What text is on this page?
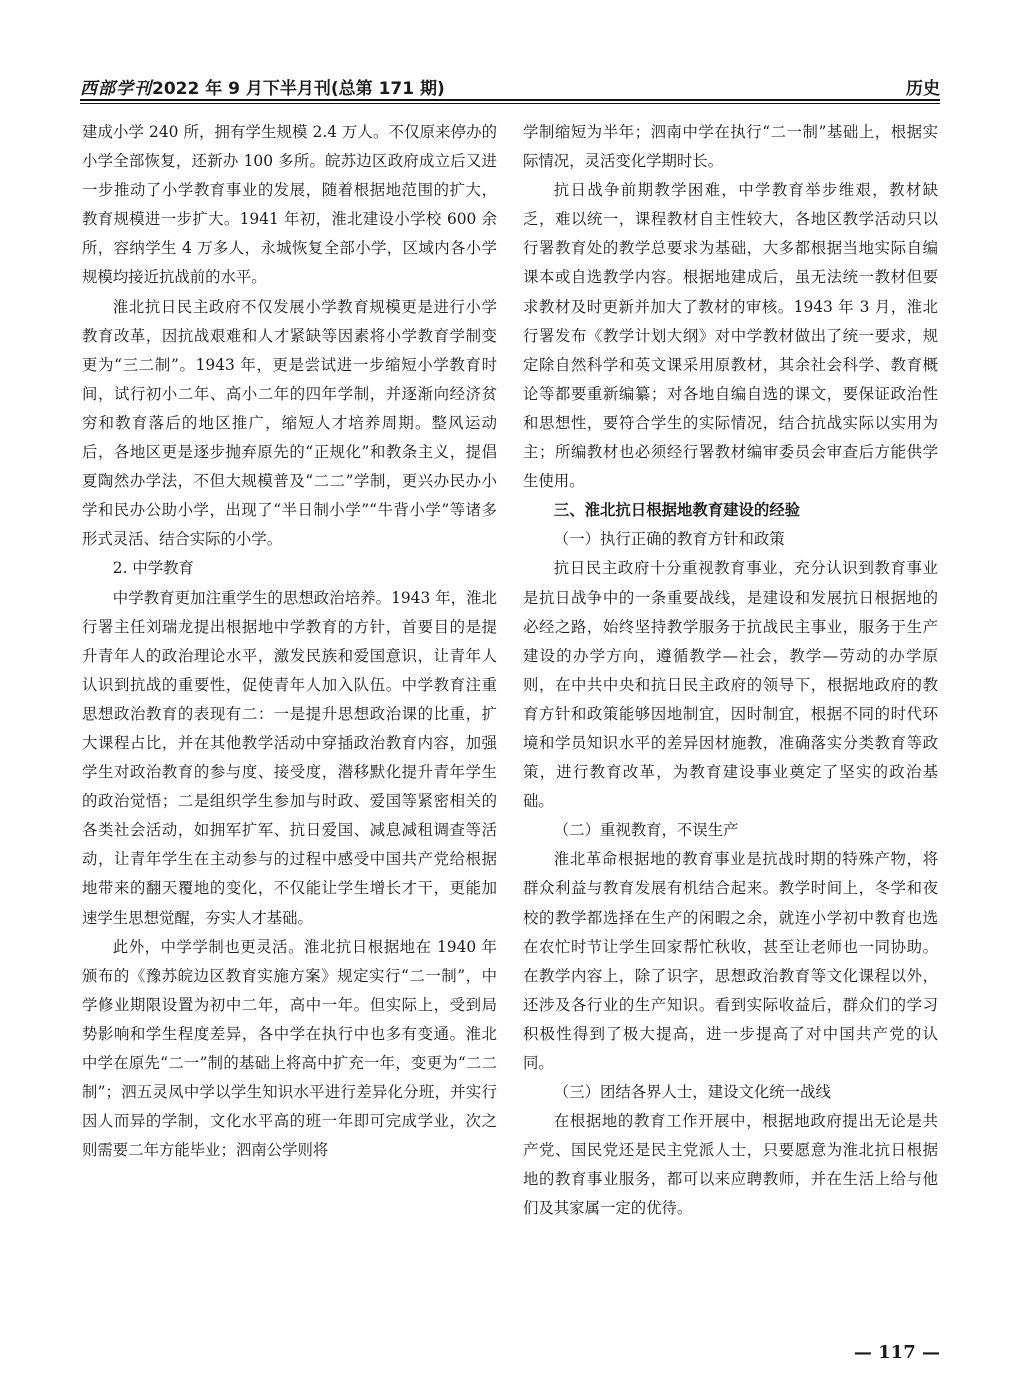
西部学刊2022 年 9 月下半月刊(总第 171 期)	历史

建成小学 240 所，拥有学生规模 2.4 万人。不仅原来停办的小学全部恢复，还新办 100 多所。皖苏边区政府成立后又进一步推动了小学教育事业的发展，随着根据地范围的扩大，教育规模进一步扩大。1941 年初，淮北建设小学校 600 余所，容纳学生 4 万多人，永城恢复全部小学，区域内各小学规模均接近抗战前的水平。

淮北抗日民主政府不仅发展小学教育规模更是进行小学教育改革，因抗战艰难和人才紧缺等因素将小学教育学制变更为“三二制”。1943 年，更是尝试进一步缩短小学教育时间，试行初小二年、高小二年的四年学制，并逐渐向经济贫穷和教育落后的地区推广，缩短人才培养周期。整风运动后，各地区更是逐步抛弃原先的“正规化”和教条主义，提倡夏陶然办学法，不但大规模普及“二二”学制，更兴办民办小学和民办公助小学，出现了“半日制小学”“牛背小学”等诸多形式灵活、结合实际的小学。

2. 中学教育

中学教育更加注重学生的思想政治培养。1943 年，淮北行署主任刘瑞龙提出根据地中学教育的方针，首要目的是提升青年人的政治理论水平，激发民族和爱国意识，让青年人认识到抗战的重要性，促使青年人加入队伍。中学教育注重思想政治教育的表现有二：一是提升思想政治课的比重，扩大课程占比，并在其他教学活动中穿插政治教育内容，加强学生对政治教育的参与度、接受度，潜移默化提升青年学生的政治觉悟；二是组织学生参加与时政、爱国等紧密相关的各类社会活动，如拥军扩军、抗日爱国、减息减租调查等活动，让青年学生在主动参与的过程中感受中国共产党给根据地带来的翻天覆地的变化，不仅能让学生增长才干，更能加速学生思想觉醒，夯实人才基础。

此外，中学学制也更灵活。淮北抗日根据地在 1940 年颁布的《豫苏皖边区教育实施方案》规定实行“二一制”，中学修业期限设置为初中二年，高中一年。但实际上，受到局势影响和学生程度差异，各中学在执行中也多有变通。淮北中学在原先“二一”制的基础上将高中扩充一年，变更为“二二制”；泗五灵凤中学以学生知识水平进行差异化分班，并实行因人而异的学制，文化水平高的班一年即可完成学业，次之则需要二年方能毕业；泗南公学则将

学制缩短为半年；泗南中学在执行“二一制”基础上，根据实际情况，灵活变化学期时长。

抗日战争前期教学困难，中学教育举步维艰，教材缺乏，难以统一，课程教材自主性较大，各地区教学活动只以行署教育处的教学总要求为基础，大多都根据当地实际自编课本或自选教学内容。根据地建成后，虽无法统一教材但要求教材及时更新并加大了教材的审核。1943 年 3 月，淮北行署发布《教学计划大纲》对中学教材做出了统一要求，规定除自然科学和英文课采用原教材，其余社会科学、教育概论等都要重新编纂；对各地自编自选的课文，要保证政治性和思想性，要符合学生的实际情况，结合抗战实际以实用为主；所编教材也必须经行署教材编审委员会审查后方能供学生使用。

三、淮北抗日根据地教育建设的经验
（一）执行正确的教育方针和政策

抗日民主政府十分重视教育事业，充分认识到教育事业是抗日战争中的一条重要战线，是建设和发展抗日根据地的必经之路，始终坚持教学服务于抗战民主事业，服务于生产建设的办学方向，遵循教学—社会，教学—劳动的办学原则，在中共中央和抗日民主政府的领导下，根据地政府的教育方针和政策能够因地制宜，因时制宜，根据不同的时代环境和学员知识水平的差异因材施教，准确落实分类教育等政策，进行教育改革，为教育建设事业奠定了坚实的政治基础。

（二）重视教育，不误生产

淮北革命根据地的教育事业是抗战时期的特殊产物，将群众利益与教育发展有机结合起来。教学时间上，冬学和夜校的教学都选择在生产的闲暇之余，就连小学初中教育也选在农忙时节让学生回家帮忙秋收，甚至让老师也一同协助。在教学内容上，除了识字，思想政治教育等文化课程以外，还涉及各行业的生产知识。看到实际收益后，群众们的学习积极性得到了极大提高，进一步提高了对中国共产党的认同。

（三）团结各界人士，建设文化统一战线

在根据地的教育工作开展中，根据地政府提出无论是共产党、国民党还是民主党派人士，只要愿意为淮北抗日根据地的教育事业服务，都可以来应聘教师，并在生活上给与他们及其家属一定的优待。

— 117 —
